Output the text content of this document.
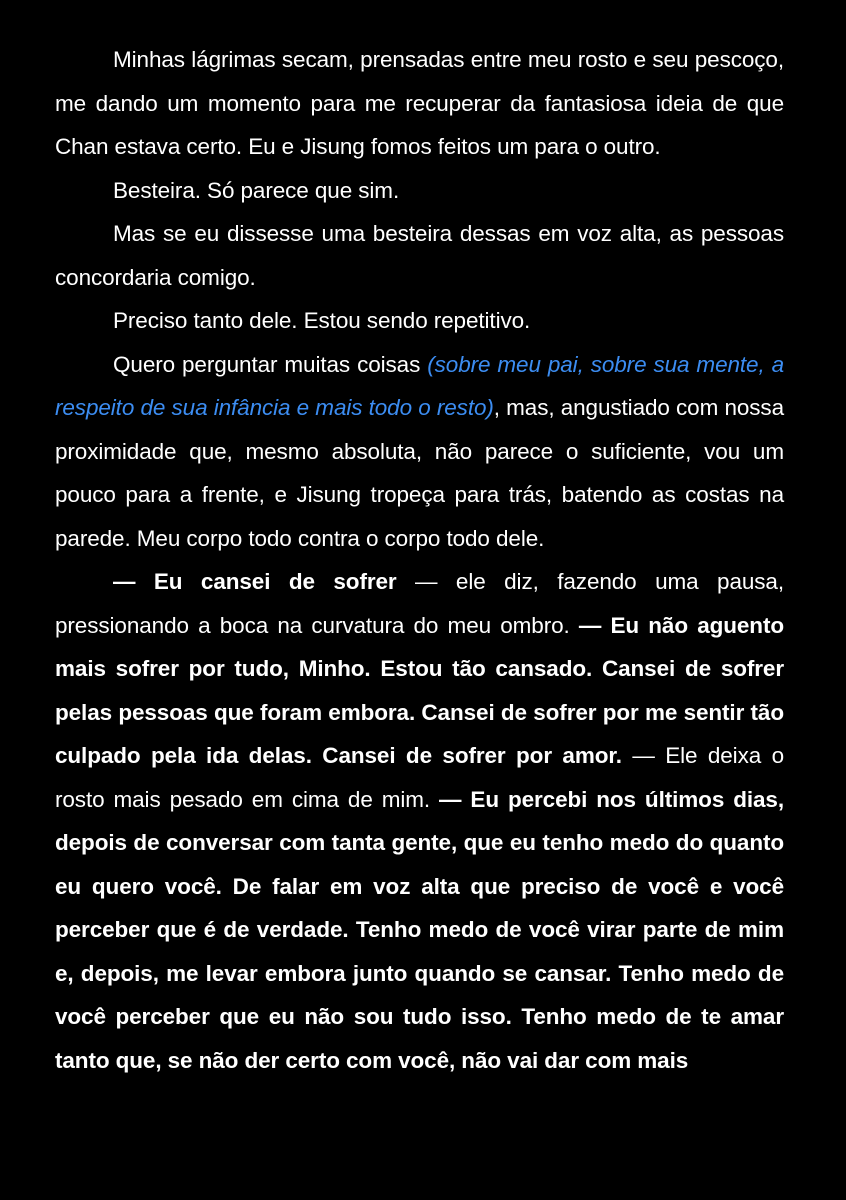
Minhas lágrimas secam, prensadas entre meu rosto e seu pescoço, me dando um momento para me recuperar da fantasiosa ideia de que Chan estava certo. Eu e Jisung fomos feitos um para o outro.

Besteira. Só parece que sim.

Mas se eu dissesse uma besteira dessas em voz alta, as pessoas concordaria comigo.

Preciso tanto dele. Estou sendo repetitivo.

Quero perguntar muitas coisas (sobre meu pai, sobre sua mente, a respeito de sua infância e mais todo o resto), mas, angustiado com nossa proximidade que, mesmo absoluta, não parece o suficiente, vou um pouco para a frente, e Jisung tropeça para trás, batendo as costas na parede. Meu corpo todo contra o corpo todo dele.

— Eu cansei de sofrer — ele diz, fazendo uma pausa, pressionando a boca na curvatura do meu ombro. — Eu não aguento mais sofrer por tudo, Minho. Estou tão cansado. Cansei de sofrer pelas pessoas que foram embora. Cansei de sofrer por me sentir tão culpado pela ida delas. Cansei de sofrer por amor. — Ele deixa o rosto mais pesado em cima de mim. — Eu percebi nos últimos dias, depois de conversar com tanta gente, que eu tenho medo do quanto eu quero você. De falar em voz alta que preciso de você e você perceber que é de verdade. Tenho medo de você virar parte de mim e, depois, me levar embora junto quando se cansar. Tenho medo de você perceber que eu não sou tudo isso. Tenho medo de te amar tanto que, se não der certo com você, não vai dar com mais
